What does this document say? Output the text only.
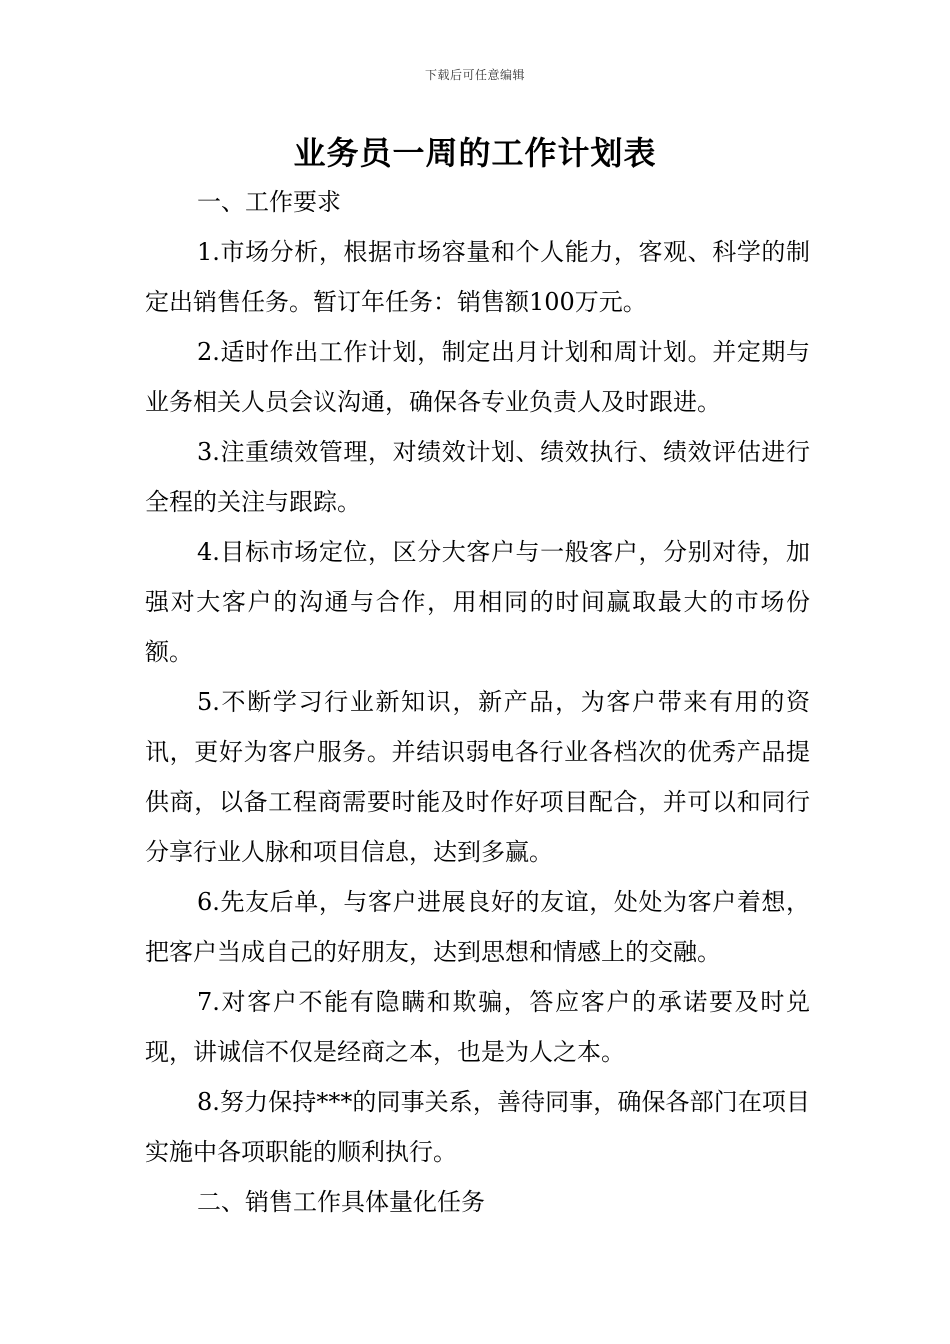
下载后可任意编辑
业务员一周的工作计划表

一、工作要求

1.市场分析，根据市场容量和个人能力，客观、科学的制定出销售任务。暂订年任务：销售额100万元。

2.适时作出工作计划，制定出月计划和周计划。并定期与业务相关人员会议沟通，确保各专业负责人及时跟进。

3.注重绩效管理，对绩效计划、绩效执行、绩效评估进行全程的关注与跟踪。

4.目标市场定位，区分大客户与一般客户，分别对待，加强对大客户的沟通与合作，用相同的时间赢取最大的市场份额。

5.不断学习行业新知识，新产品，为客户带来有用的资讯，更好为客户服务。并结识弱电各行业各档次的优秀产品提供商，以备工程商需要时能及时作好项目配合，并可以和同行分享行业人脉和项目信息，达到多赢。

6.先友后单，与客户进展良好的友谊，处处为客户着想，把客户当成自己的好朋友，达到思想和情感上的交融。

7.对客户不能有隐瞒和欺骗，答应客户的承诺要及时兑现，讲诚信不仅是经商之本，也是为人之本。

8.努力保持***的同事关系，善待同事，确保各部门在项目实施中各项职能的顺利执行。

二、销售工作具体量化任务
